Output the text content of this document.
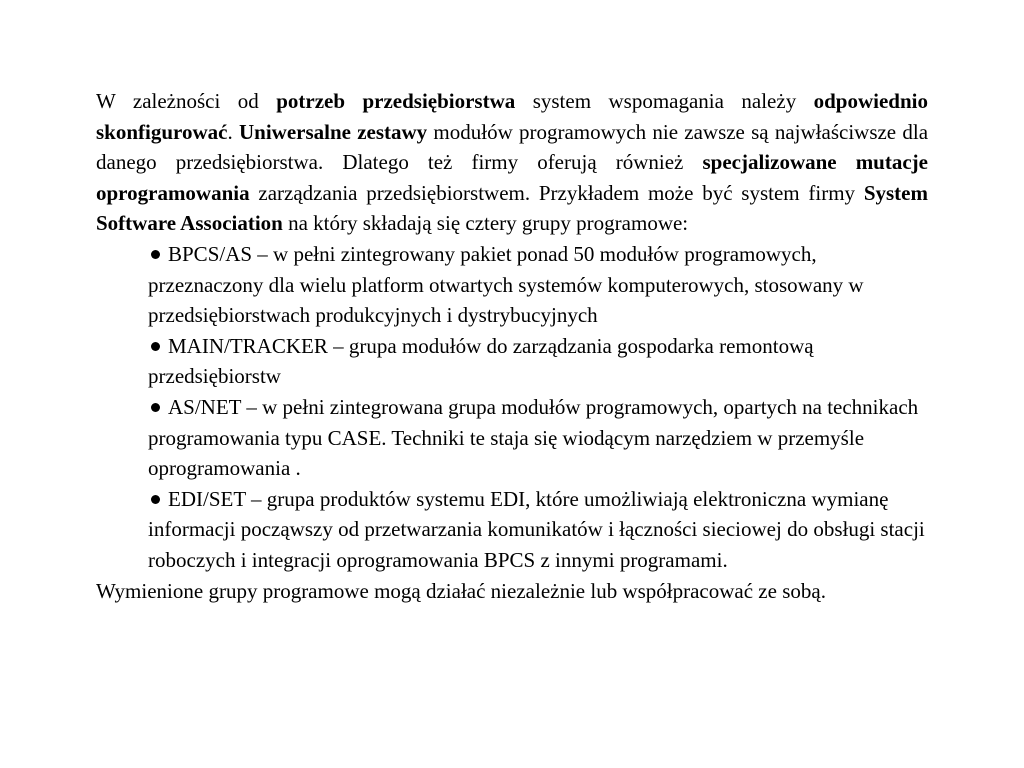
W zależności od potrzeb przedsiębiorstwa system wspomagania należy odpowiednio skonfigurować. Uniwersalne zestawy modułów programowych nie zawsze są najwłaściwsze dla danego przedsiębiorstwa. Dlatego też firmy oferują również specjalizowane mutacje oprogramowania zarządzania przedsiębiorstwem. Przykładem może być system firmy System Software Association na który składają się cztery grupy programowe:

BPCS/AS – w pełni zintegrowany pakiet ponad 50 modułów programowych, przeznaczony dla wielu platform otwartych systemów komputerowych, stosowany w przedsiębiorstwach produkcyjnych i dystrybucyjnych
MAIN/TRACKER – grupa modułów do zarządzania gospodarka remontową przedsiębiorstw
AS/NET – w pełni zintegrowana grupa modułów programowych, opartych na technikach programowania typu CASE. Techniki te staja się wiodącym narzędziem w przemyśle oprogramowania .
EDI/SET – grupa produktów systemu EDI, które umożliwiają elektroniczna wymianę informacji począwszy od przetwarzania komunikatów i łączności sieciowej do obsługi stacji roboczych i integracji oprogramowania BPCS z innymi programami.

Wymienione grupy programowe mogą działać niezależnie lub współpracować ze sobą.
